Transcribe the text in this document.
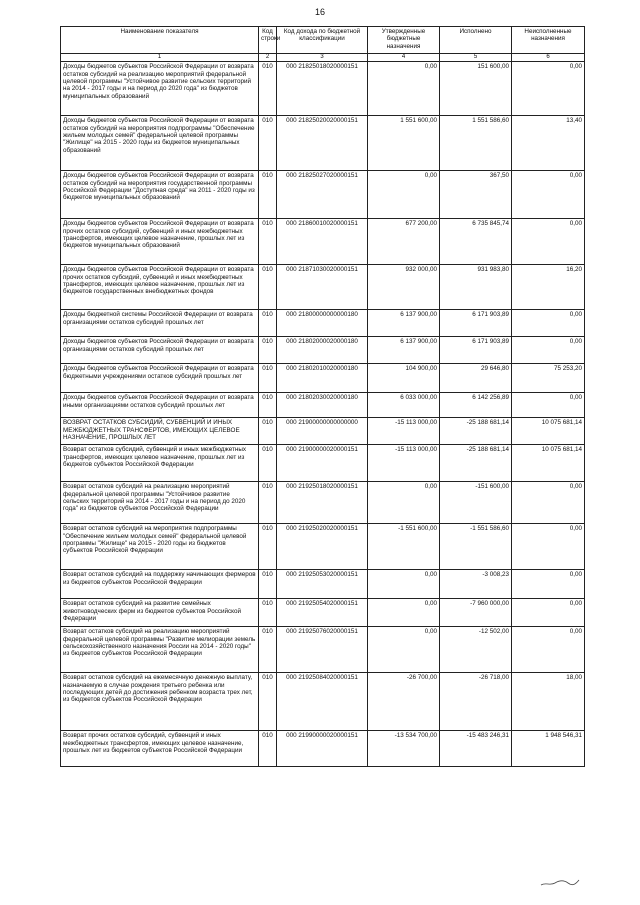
16
Наименование показателя	Код строки	Код дохода по бюджетной классификации	Утвержденные бюджетные назначения	Исполнено	Неисполненные назначения
1	2	3	4	5	6
Доходы бюджетов субъектов Российской Федерации от возврата остатков субсидий на реализацию мероприятий федеральной целевой программы "Устойчивое развитие сельских территорий на 2014 - 2017 годы и на период до 2020 года" из бюджетов муниципальных образований	010	000 21825018020000151	0,00	151 600,00	0,00
Доходы бюджетов субъектов Российской Федерации от возврата остатков субсидий на мероприятия подпрограммы "Обеспечение жильем молодых семей" федеральной целевой программы "Жилище" на 2015 - 2020 годы из бюджетов муниципальных образований	010	000 21825020020000151	1 551 600,00	1 551 586,60	13,40
Доходы бюджетов субъектов Российской Федерации от возврата остатков субсидий на мероприятия государственной программы Российской Федерации "Доступная среда" на 2011 - 2020 годы из бюджетов муниципальных образований	010	000 21825027020000151	0,00	367,50	0,00
Доходы бюджетов субъектов Российской Федерации от возврата прочих остатков субсидий, субвенций и иных межбюджетных трансфертов, имеющих целевое назначение, прошлых лет из бюджетов муниципальных образований	010	000 21860010020000151	677 200,00	6 735 845,74	0,00
Доходы бюджетов субъектов Российской Федерации от возврата прочих остатков субсидий, субвенций и иных межбюджетных трансфертов, имеющих целевое назначение, прошлых лет из бюджетов государственных внебюджетных фондов	010	000 21871030020000151	932 000,00	931 983,80	16,20
Доходы бюджетной системы Российской Федерации от возврата организациями остатков субсидий прошлых лет	010	000 21800000000000180	6 137 900,00	6 171 903,89	0,00
Доходы бюджетов субъектов Российской Федерации от возврата организациями остатков субсидий прошлых лет	010	000 21802000020000180	6 137 900,00	6 171 903,89	0,00
Доходы бюджетов субъектов Российской Федерации от возврата бюджетными учреждениями остатков субсидий прошлых лет	010	000 21802010020000180	104 900,00	29 646,80	75 253,20
Доходы бюджетов субъектов Российской Федерации от возврата иными организациями остатков субсидий прошлых лет	010	000 21802030020000180	6 033 000,00	6 142 256,89	0,00
ВОЗВРАТ ОСТАТКОВ СУБСИДИЙ, СУБВЕНЦИЙ И ИНЫХ МЕЖБЮДЖЕТНЫХ ТРАНСФЕРТОВ, ИМЕЮЩИХ ЦЕЛЕВОЕ НАЗНАЧЕНИЕ, ПРОШЛЫХ ЛЕТ	010	000 21900000000000000	-15 113 000,00	-25 188 681,14	10 075 681,14
Возврат остатков субсидий, субвенций и иных межбюджетных трансфертов, имеющих целевое назначение, прошлых лет из бюджетов субъектов Российской Федерации	010	000 21900000020000151	-15 113 000,00	-25 188 681,14	10 075 681,14
Возврат остатков субсидий на реализацию мероприятий федеральной целевой программы "Устойчивое развитие сельских территорий на 2014 - 2017 годы и на период до 2020 года" из бюджетов субъектов Российской Федерации	010	000 21925018020000151	0,00	-151 600,00	0,00
Возврат остатков субсидий на мероприятия подпрограммы "Обеспечение жильем молодых семей" федеральной целевой программы "Жилище" на 2015 - 2020 годы из бюджетов субъектов Российской Федерации	010	000 21925020020000151	-1 551 600,00	-1 551 586,60	0,00
Возврат остатков субсидий на поддержку начинающих фермеров из бюджетов субъектов Российской Федерации	010	000 21925053020000151	0,00	-3 008,23	0,00
Возврат остатков субсидий на развитие семейных животноводческих ферм из бюджетов субъектов Российской Федерации	010	000 21925054020000151	0,00	-7 960 000,00	0,00
Возврат остатков субсидий на реализацию мероприятий федеральной целевой программы "Развитие мелиорации земель сельскохозяйственного назначения России на 2014 - 2020 годы" из бюджетов субъектов Российской Федерации	010	000 21925076020000151	0,00	-12 502,00	0,00
Возврат остатков субсидий на ежемесячную денежную выплату, назначаемую в случае рождения третьего ребенка или последующих детей до достижения ребенком возраста трех лет, из бюджетов субъектов Российской Федерации	010	000 21925084020000151	-26 700,00	-26 718,00	18,00
Возврат прочих остатков субсидий, субвенций и иных межбюджетных трансфертов, имеющих целевое назначение, прошлых лет из бюджетов субъектов Российской Федерации	010	000 21990000020000151	-13 534 700,00	-15 483 246,31	1 948 546,31
